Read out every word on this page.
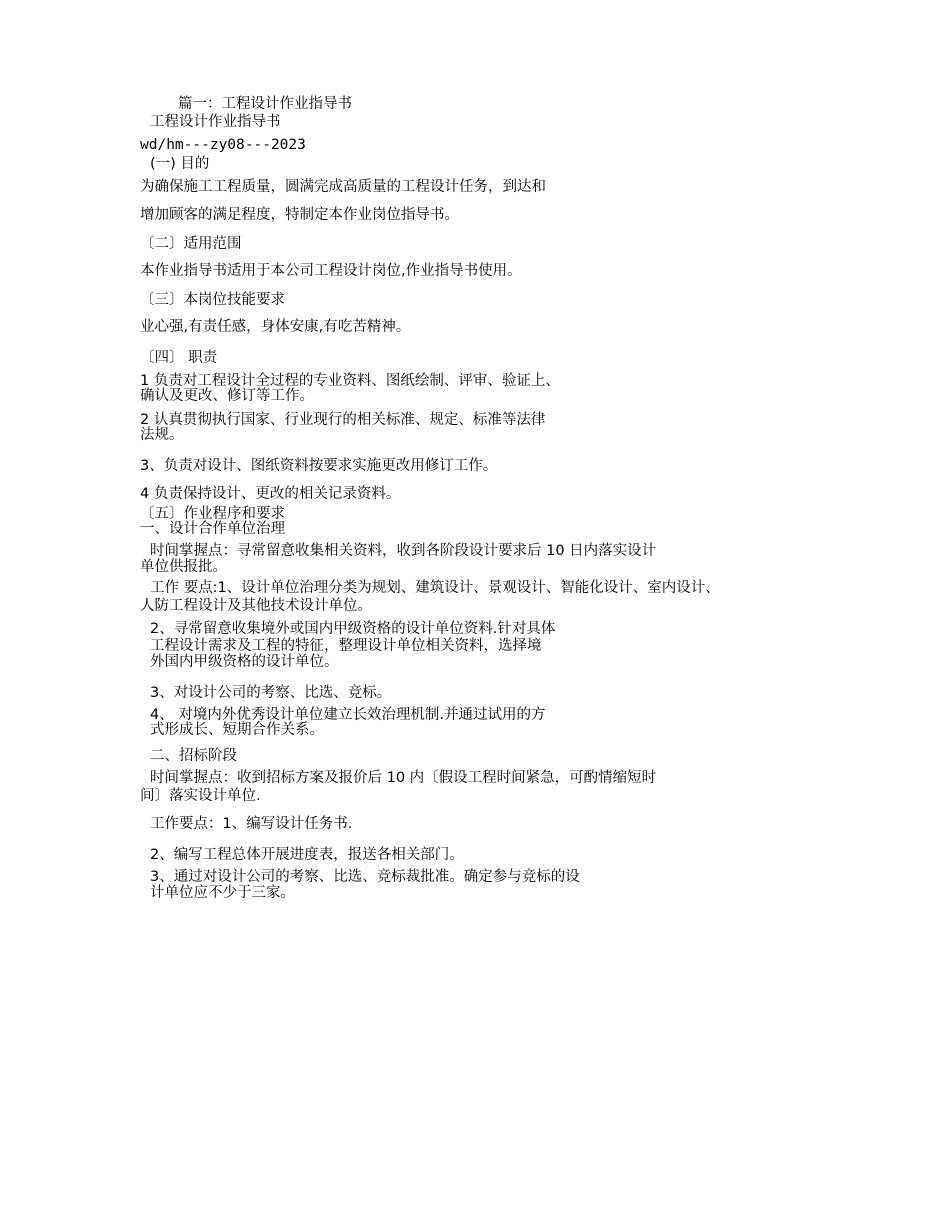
篇一：工程设计作业指导书

工程设计作业指导书

wd/hm---zy08---2023

(一) 目的

为确保施工工程质量，圆满完成高质量的工程设计任务，到达和

增加顾客的满足程度，特制定本作业岗位指导书。

〔二〕适用范围

本作业指导书适用于本公司工程设计岗位,作业指导书使用。

〔三〕本岗位技能要求

业心强,有责任感，身体安康,有吃苦精神。

〔四〕 职责

1 负责对工程设计全过程的专业资料、图纸绘制、评审、验证上、

确认及更改、修订等工作。

2 认真贯彻执行国家、行业现行的相关标准、规定、标准等法律

法规。

3、负责对设计、图纸资料按要求实施更改用修订工作。

4 负责保持设计、更改的相关记录资料。

〔五〕作业程序和要求

一、设计合作单位治理

时间掌握点：寻常留意收集相关资料，收到各阶段设计要求后 10 日内落实设计

单位供报批。

工作 要点:1、设计单位治理分类为规划、建筑设计、景观设计、智能化设计、室内设计、

人防工程设计及其他技术设计单位。

2、寻常留意收集境外或国内甲级资格的设计单位资料.针对具体

工程设计需求及工程的特征，整理设计单位相关资料，选择境

外国内甲级资格的设计单位。

3、对设计公司的考察、比选、竞标。

4、 对境内外优秀设计单位建立长效治理机制.并通过试用的方

式形成长、短期合作关系。

二、招标阶段

时间掌握点：收到招标方案及报价后 10 内〔假设工程时间紧急，可酌情缩短时

间〕落实设计单位.

工作要点：1、编写设计任务书.

2、编写工程总体开展进度表，报送各相关部门。

3、通过对设计公司的考察、比选、竞标裁批准。确定参与竞标的设

计单位应不少于三家。
